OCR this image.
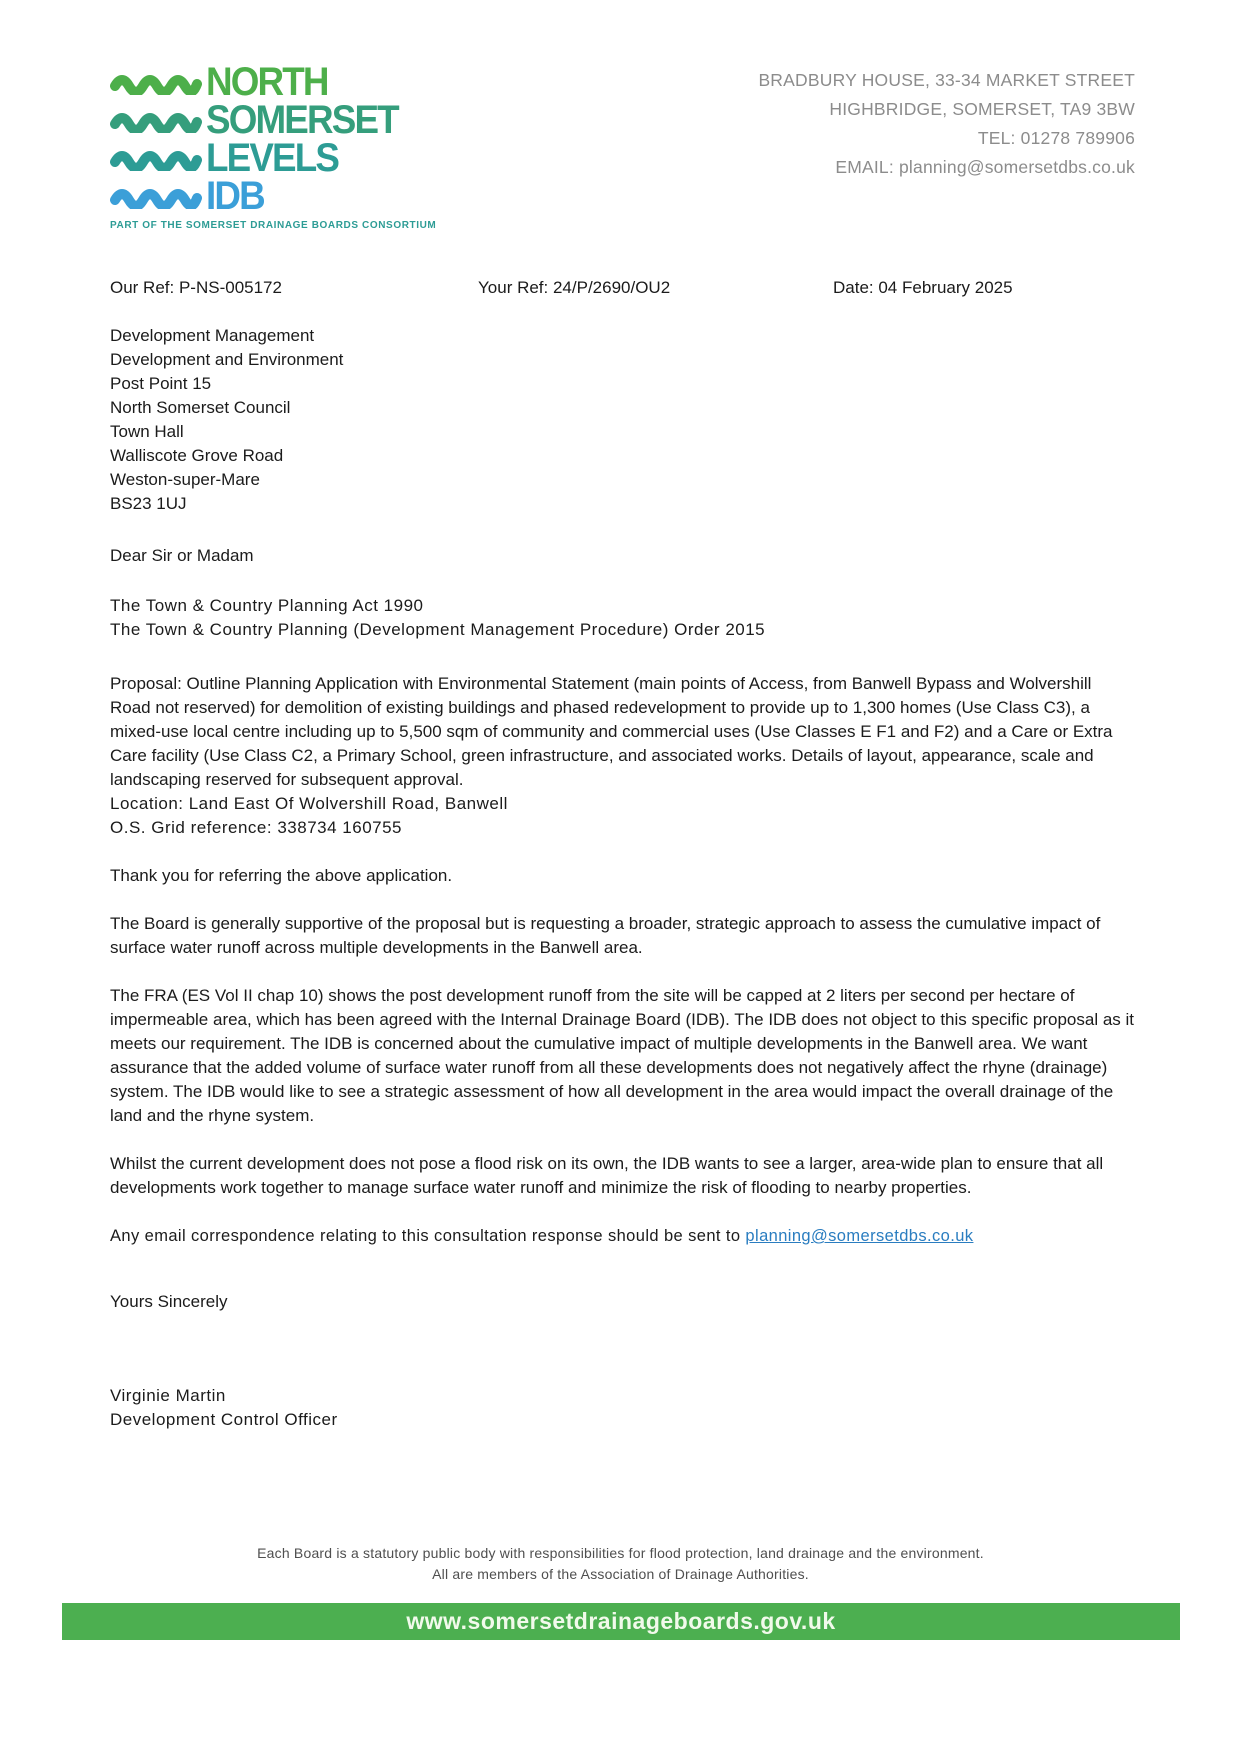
NORTH
SOMERSET
LEVELS
IDB
PART OF THE SOMERSET DRAINAGE BOARDS CONSORTIUM
BRADBURY HOUSE, 33-34 MARKET STREET
HIGHBRIDGE, SOMERSET, TA9 3BW
TEL: 01278 789906
EMAIL: planning@somersetdbs.co.uk
Our Ref: P-NS-005172	Your Ref: 24/P/2690/OU2	Date: 04 February 2025
Development Management
Development and Environment
Post Point 15
North Somerset Council
Town Hall
Walliscote Grove Road
Weston-super-Mare
BS23 1UJ
Dear Sir or Madam
The Town & Country Planning Act 1990
The Town & Country Planning (Development Management Procedure) Order 2015
Proposal: Outline Planning Application with Environmental Statement (main points of Access, from Banwell Bypass and Wolvershill Road not reserved) for demolition of existing buildings and phased redevelopment to provide up to 1,300 homes (Use Class C3), a mixed-use local centre including up to 5,500 sqm of community and commercial uses (Use Classes E F1 and F2) and a Care or Extra Care facility (Use Class C2, a Primary School, green infrastructure, and associated works. Details of layout, appearance, scale and landscaping reserved for subsequent approval.
Location: Land East Of Wolvershill Road, Banwell
O.S. Grid reference: 338734 160755
Thank you for referring the above application.
The Board is generally supportive of the proposal but is requesting a broader, strategic approach to assess the cumulative impact of surface water runoff across multiple developments in the Banwell area.
The FRA (ES Vol II chap 10) shows the post development runoff from the site will be capped at 2 liters per second per hectare of impermeable area, which has been agreed with the Internal Drainage Board (IDB). The IDB does not object to this specific proposal as it meets our requirement. The IDB is concerned about the cumulative impact of multiple developments in the Banwell area. We want assurance that the added volume of surface water runoff from all these developments does not negatively affect the rhyne (drainage) system. The IDB would like to see a strategic assessment of how all development in the area would impact the overall drainage of the land and the rhyne system.
Whilst the current development does not pose a flood risk on its own, the IDB wants to see a larger, area-wide plan to ensure that all developments work together to manage surface water runoff and minimize the risk of flooding to nearby properties.
Any email correspondence relating to this consultation response should be sent to planning@somersetdbs.co.uk
Yours Sincerely
Virginie Martin
Development Control Officer
Each Board is a statutory public body with responsibilities for flood protection, land drainage and the environment.
All are members of the Association of Drainage Authorities.
www.somersetdrainageboards.gov.uk
